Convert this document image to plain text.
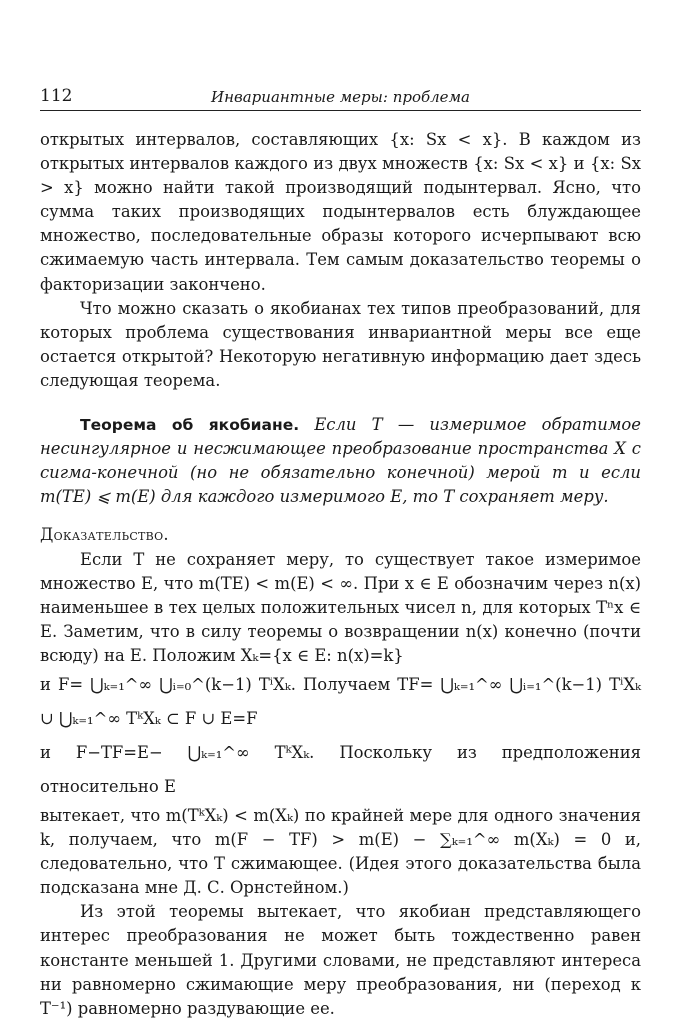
112	Инвариантные меры: проблема

открытых интервалов, составляющих {x: Sx < x}. В каждом из открытых интервалов каждого из двух множеств {x: Sx < x} и {x: Sx > x} можно найти такой производящий подынтервал. Ясно, что сумма таких производящих подынтервалов есть блуждающее множество, последовательные образы которого исчерпывают всю сжимаемую часть интервала. Тем самым доказательство теоремы о факторизации закончено.

Что можно сказать о якобианах тех типов преобразований, для которых проблема существования инвариантной меры все еще остается открытой? Некоторую негативную информацию дает здесь следующая теорема.

Теорема об якобиане. Если T — измеримое обратимое несингулярное и несжимающее преобразование пространства X с сигма-конечной (но не обязательно конечной) мерой m и если m(TE) ⩽ m(E) для каждого измеримого E, то T сохраняет меру.

Доказательство.

Если T не сохраняет меру, то существует такое измеримое множество E, что m(TE) < m(E) < ∞. При x ∈ E обозначим через n(x) наименьшее в тех целых положительных чисел n, для которых Tⁿx ∈ E. Заметим, что в силу теоремы о возвращении n(x) конечно (почти всюду) на E. Положим Xₖ={x ∈ E: n(x)=k}

и F= ⋃ₖ₌₁^∞ ⋃ᵢ₌₀^(k−1) TⁱXₖ. Получаем TF= ⋃ₖ₌₁^∞ ⋃ᵢ₌₁^(k−1) TⁱXₖ ∪ ⋃ₖ₌₁^∞ TᵏXₖ ⊂ F ∪ E=F

и F−TF=E− ⋃ₖ₌₁^∞ TᵏXₖ. Поскольку из предположения относительно E

вытекает, что m(TᵏXₖ) < m(Xₖ) по крайней мере для одного значения k, получаем, что m(F − TF) > m(E) − ∑ₖ₌₁^∞ m(Xₖ) = 0 и, следовательно, что T сжимающее. (Идея этого доказательства была подсказана мне Д. С. Орнстейном.)

Из этой теоремы вытекает, что якобиан представляющего интерес преобразования не может быть тождественно равен константе меньшей 1. Другими словами, не представляют интереса ни равномерно сжимающие меру преобразования, ни (переход к T⁻¹) равномерно раздувающие ее.
